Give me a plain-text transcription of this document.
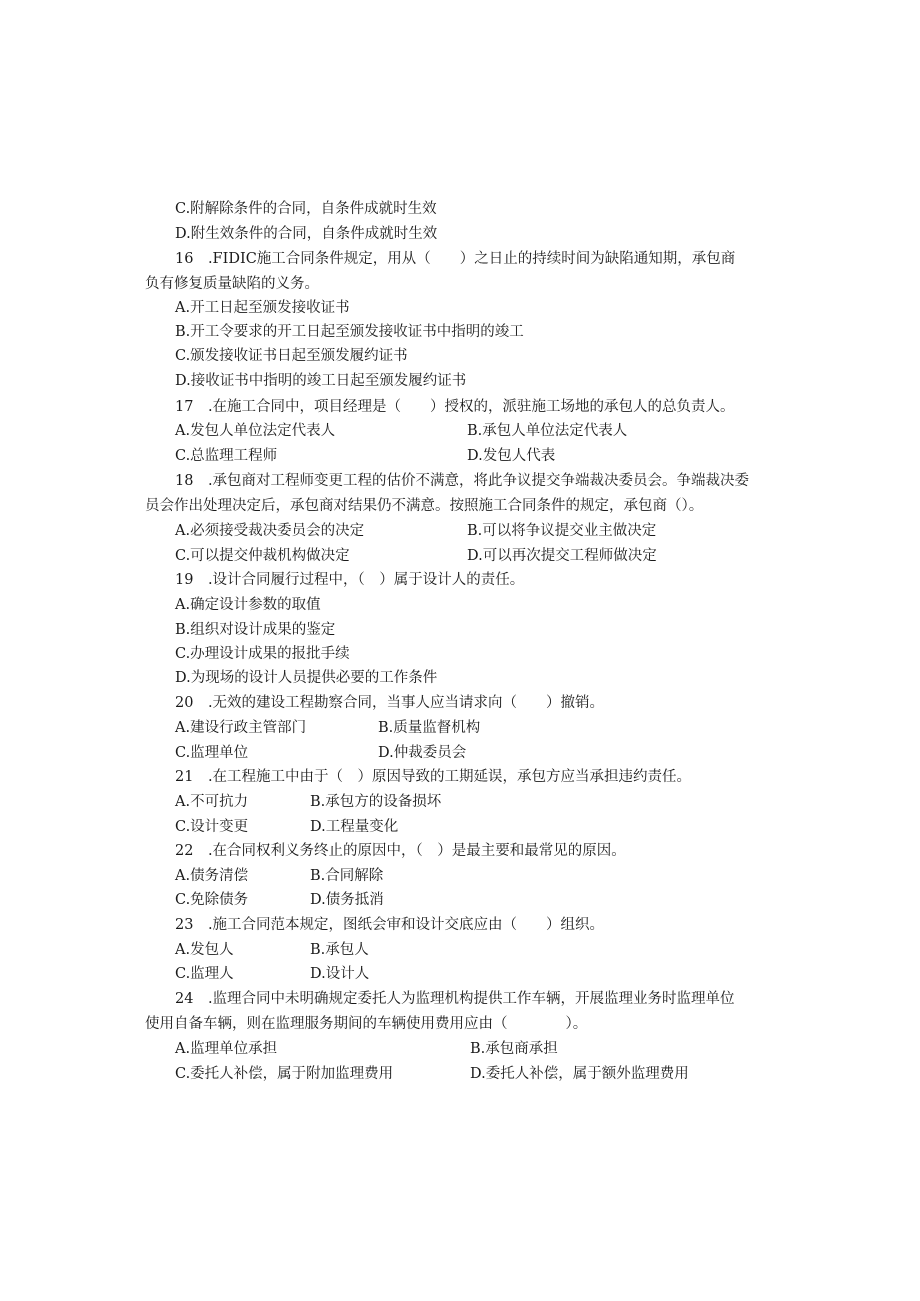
C.附解除条件的合同，自条件成就时生效
D.附生效条件的合同，自条件成就时生效
16　.FIDIC施工合同条件规定，用从（　　）之日止的持续时间为缺陷通知期，承包商
负有修复质量缺陷的义务。
A.开工日起至颁发接收证书
B.开工令要求的开工日起至颁发接收证书中指明的竣工
C.颁发接收证书日起至颁发履约证书
D.接收证书中指明的竣工日起至颁发履约证书
17　.在施工合同中，项目经理是（　　）授权的，派驻施工场地的承包人的总负责人。
A.发包人单位法定代表人	B.承包人单位法定代表人
C.总监理工程师	D.发包人代表
18　.承包商对工程师变更工程的估价不满意，将此争议提交争端裁决委员会。争端裁决委
员会作出处理决定后，承包商对结果仍不满意。按照施工合同条件的规定，承包商（）。
A.必须接受裁决委员会的决定	B.可以将争议提交业主做决定
C.可以提交仲裁机构做决定	D.可以再次提交工程师做决定
19　.设计合同履行过程中，（　）属于设计人的责任。
A.确定设计参数的取值
B.组织对设计成果的鉴定
C.办理设计成果的报批手续
D.为现场的设计人员提供必要的工作条件
20　.无效的建设工程勘察合同，当事人应当请求向（　　）撤销。
A.建设行政主管部门	B.质量监督机构
C.监理单位	D.仲裁委员会
21　.在工程施工中由于（　）原因导致的工期延误，承包方应当承担违约责任。
A.不可抗力	B.承包方的设备损坏
C.设计变更	D.工程量变化
22　.在合同权利义务终止的原因中，（　）是最主要和最常见的原因。
A.债务清偿	B.合同解除
C.免除债务	D.债务抵消
23　.施工合同范本规定，图纸会审和设计交底应由（　　）组织。
A.发包人	B.承包人
C.监理人	D.设计人
24　.监理合同中未明确规定委托人为监理机构提供工作车辆，开展监理业务时监理单位
使用自备车辆，则在监理服务期间的车辆使用费用应由（　　　　）。
A.监理单位承担	B.承包商承担
C.委托人补偿，属于附加监理费用	D.委托人补偿，属于额外监理费用
